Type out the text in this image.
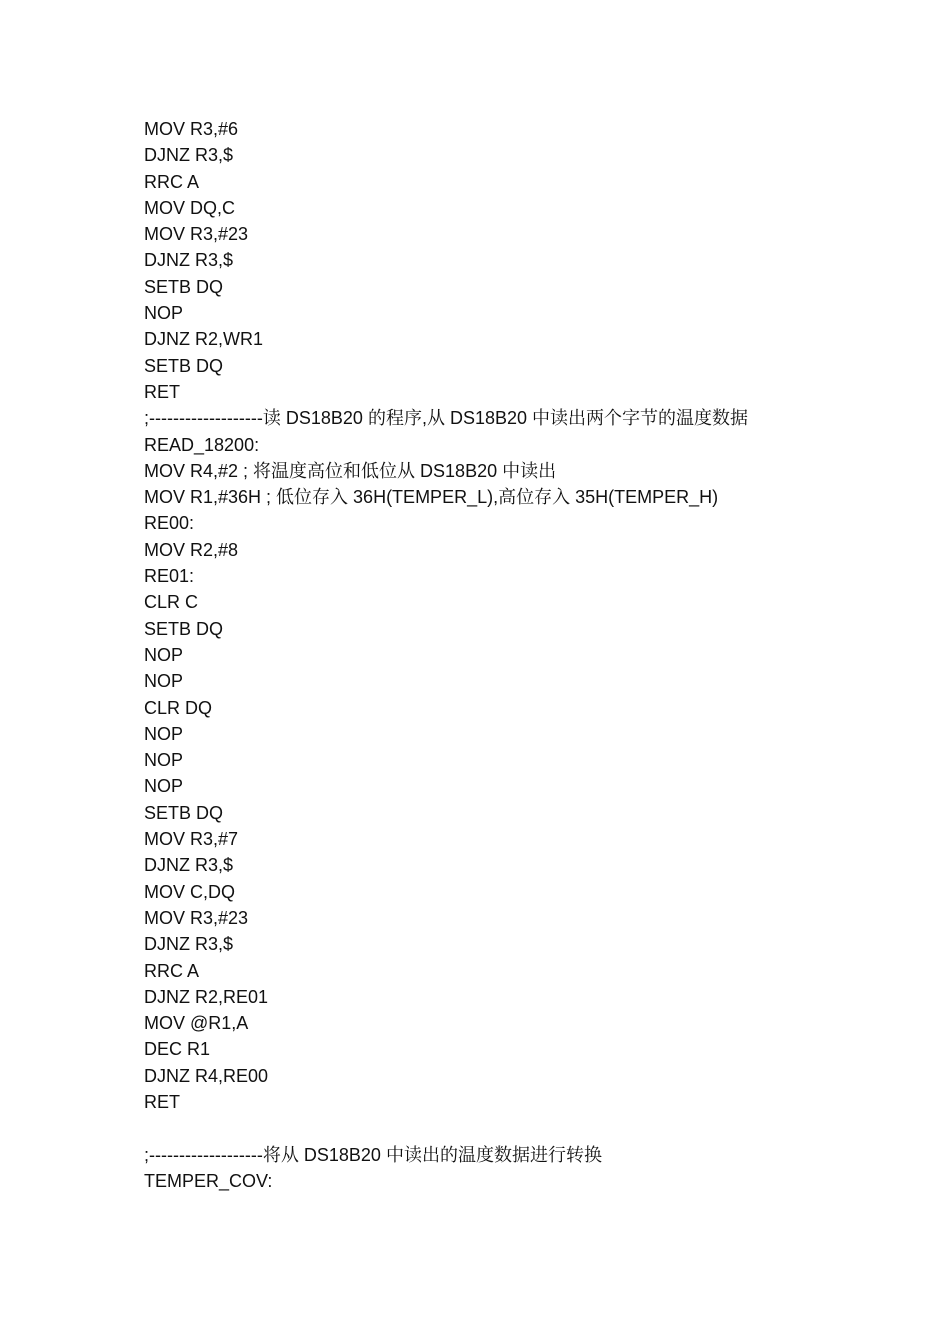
MOV R3,#6
DJNZ R3,$
RRC A
MOV DQ,C
MOV R3,#23
DJNZ R3,$
SETB DQ
NOP
DJNZ R2,WR1
SETB DQ
RET
;-------------------读 DS18B20 的程序,从 DS18B20 中读出两个字节的温度数据
READ_18200:
MOV R4,#2 ; 将温度高位和低位从 DS18B20 中读出
MOV R1,#36H ; 低位存入 36H(TEMPER_L),高位存入 35H(TEMPER_H)
RE00:
MOV R2,#8
RE01:
CLR C
SETB DQ
NOP
NOP
CLR DQ
NOP
NOP
NOP
SETB DQ
MOV R3,#7
DJNZ R3,$
MOV C,DQ
MOV R3,#23
DJNZ R3,$
RRC A
DJNZ R2,RE01
MOV @R1,A
DEC R1
DJNZ R4,RE00
RET
;-------------------将从 DS18B20 中读出的温度数据进行转换
TEMPER_COV:
